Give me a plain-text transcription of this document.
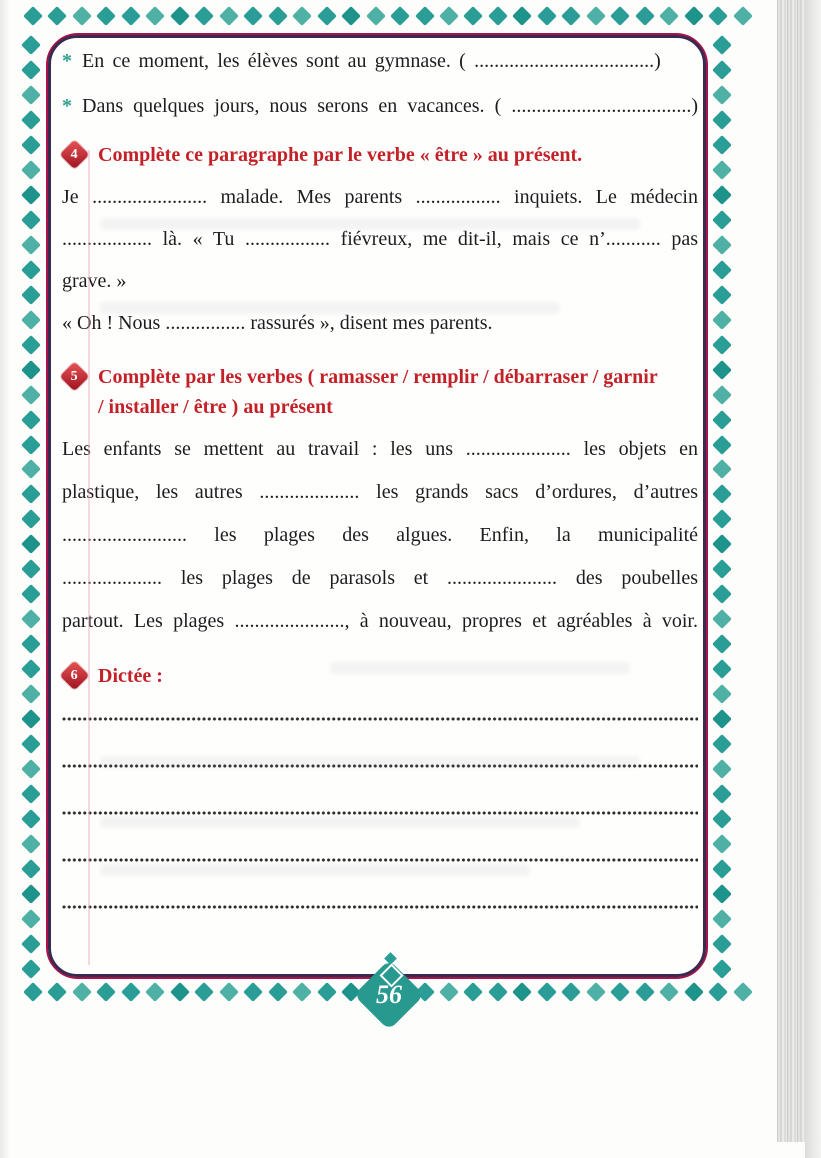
* En ce moment, les élèves sont au gymnase. ( ....................................)
* Dans quelques jours, nous serons en vacances. ( ....................................)
4 Complète ce paragraphe par le verbe « être » au présent.
Je ....................... malade. Mes parents ................. inquiets. Le médecin
.................. là. « Tu ................. fiévreux, me dit-il, mais ce n’........... pas
grave. »
« Oh ! Nous ................ rassurés », disent mes parents.
5 Complète par les verbes ( ramasser / remplir / débarraser / garnir
/ installer / être ) au présent
Les enfants se mettent au travail : les uns ..................... les objets en
plastique, les autres .................... les grands sacs d’ordures, d’autres
......................... les plages des algues. Enfin, la municipalité
.................... les plages de parasols et ...................... des poubelles
partout. Les plages ......................, à nouveau, propres et agréables à voir.
6 Dictée :
56
